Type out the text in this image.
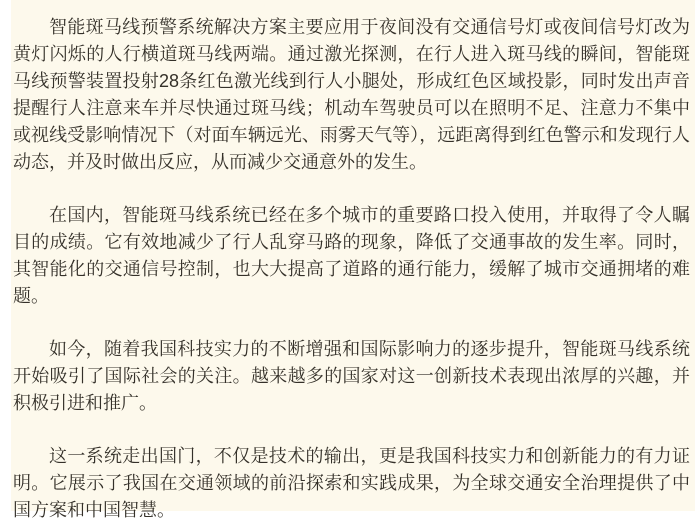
智能斑马线预警系统解决方案主要应用于夜间没有交通信号灯或夜间信号灯改为黄灯闪烁的人行横道斑马线两端。通过激光探测，在行人进入斑马线的瞬间，智能斑马线预警装置投射28条红色激光线到行人小腿处，形成红色区域投影，同时发出声音提醒行人注意来车并尽快通过斑马线；机动车驾驶员可以在照明不足、注意力不集中或视线受影响情况下（对面车辆远光、雨雾天气等），远距离得到红色警示和发现行人动态，并及时做出反应，从而减少交通意外的发生。

在国内，智能斑马线系统已经在多个城市的重要路口投入使用，并取得了令人瞩目的成绩。它有效地减少了行人乱穿马路的现象，降低了交通事故的发生率。同时，其智能化的交通信号控制，也大大提高了道路的通行能力，缓解了城市交通拥堵的难题。

如今，随着我国科技实力的不断增强和国际影响力的逐步提升，智能斑马线系统开始吸引了国际社会的关注。越来越多的国家对这一创新技术表现出浓厚的兴趣，并积极引进和推广。

这一系统走出国门，不仅是技术的输出，更是我国科技实力和创新能力的有力证明。它展示了我国在交通领域的前沿探索和实践成果，为全球交通安全治理提供了中国方案和中国智慧。
